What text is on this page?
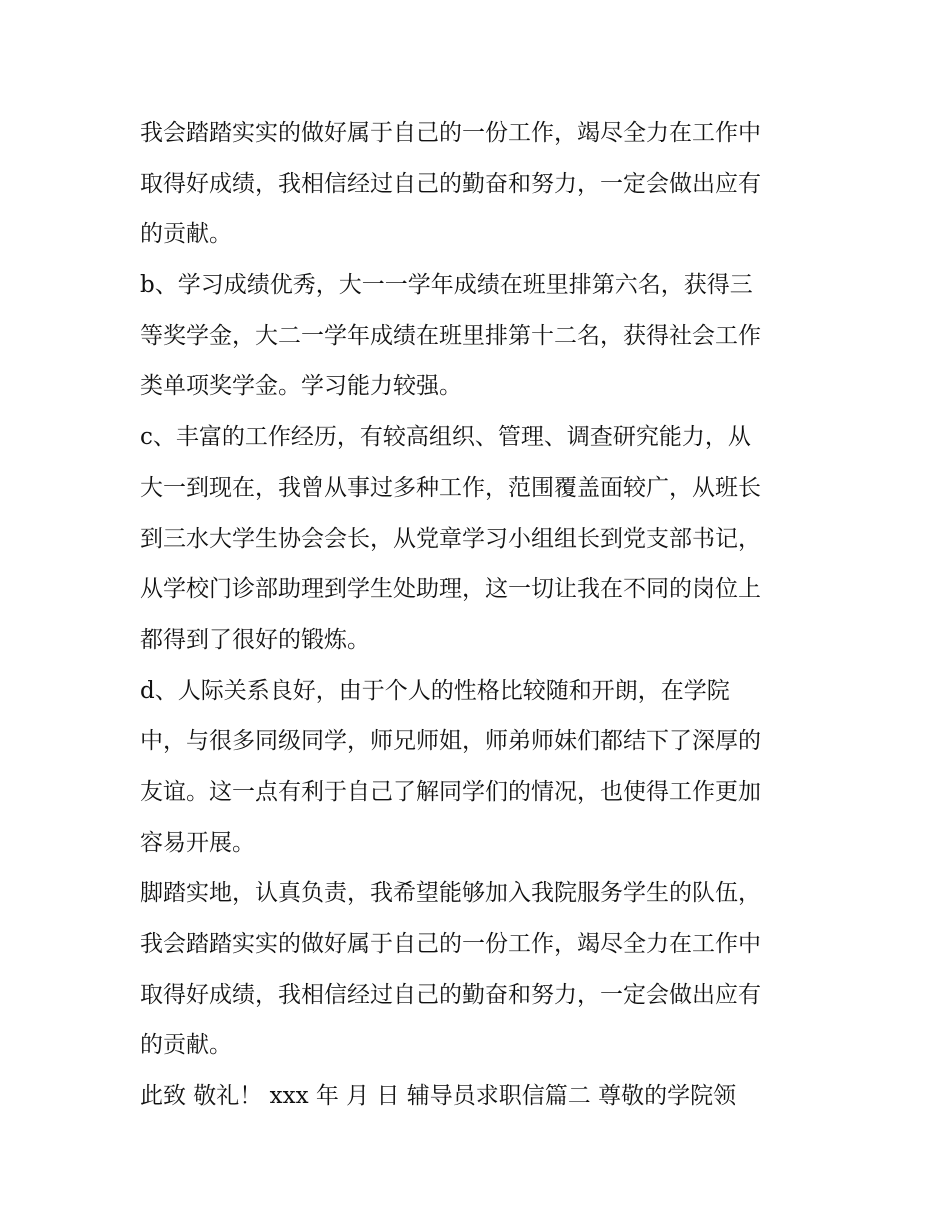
我会踏踏实实的做好属于自己的一份工作，竭尽全力在工作中
取得好成绩，我相信经过自己的勤奋和努力，一定会做出应有
的贡献。
b、学习成绩优秀，大一一学年成绩在班里排第六名，获得三
等奖学金，大二一学年成绩在班里排第十二名，获得社会工作
类单项奖学金。学习能力较强。
c、丰富的工作经历，有较高组织、管理、调查研究能力，从
大一到现在，我曾从事过多种工作，范围覆盖面较广，从班长
到三水大学生协会会长，从党章学习小组组长到党支部书记，
从学校门诊部助理到学生处助理，这一切让我在不同的岗位上
都得到了很好的锻炼。
d、人际关系良好，由于个人的性格比较随和开朗，在学院
中，与很多同级同学，师兄师姐，师弟师妹们都结下了深厚的
友谊。这一点有利于自己了解同学们的情况，也使得工作更加
容易开展。
脚踏实地，认真负责，我希望能够加入我院服务学生的队伍，
我会踏踏实实的做好属于自己的一份工作，竭尽全力在工作中
取得好成绩，我相信经过自己的勤奋和努力，一定会做出应有
的贡献。
此致 敬礼！ xxx 年 月 日 辅导员求职信篇二 尊敬的学院领
